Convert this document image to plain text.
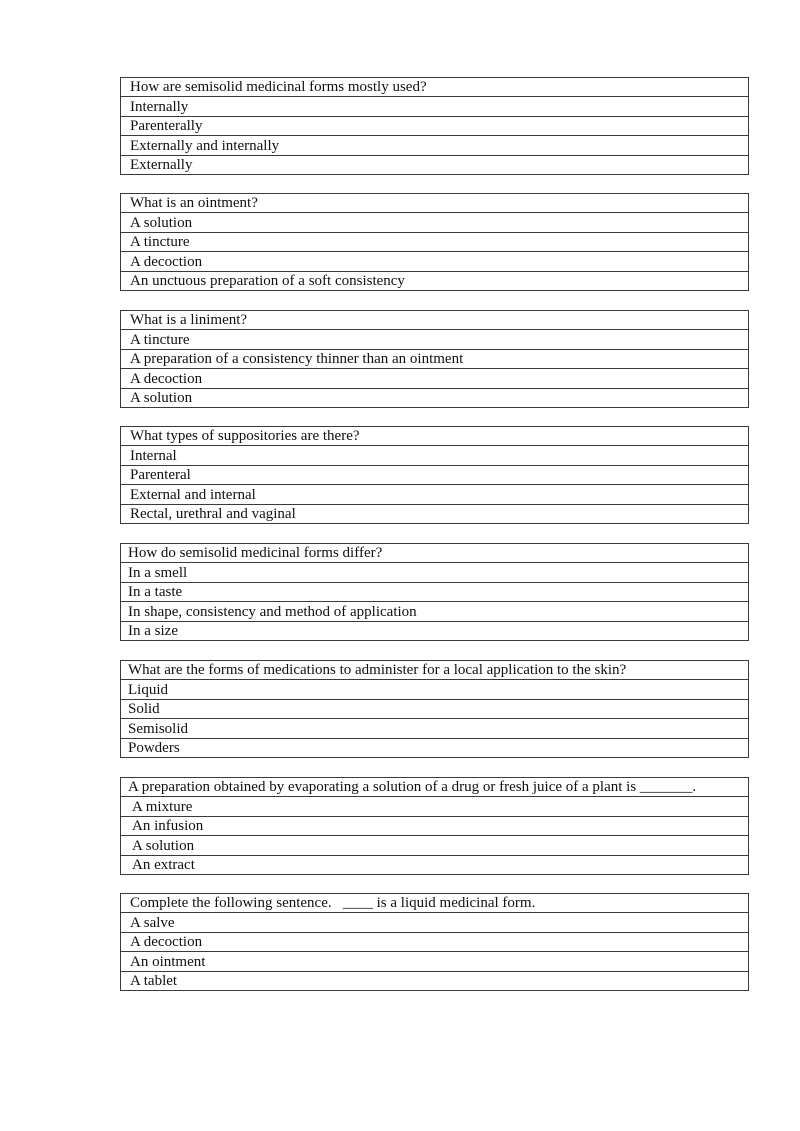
How are semisolid medicinal forms mostly used?
Internally
Parenterally
Externally and internally
Externally
What is an ointment?
A solution
A tincture
A decoction
An unctuous preparation of a soft consistency
What is a liniment?
A tincture
A preparation of a consistency thinner than an ointment
A decoction
A solution
What types of suppositories are there?
Internal
Parenteral
External and internal
Rectal, urethral and vaginal
How do semisolid medicinal forms differ?
In a smell
In a taste
In shape, consistency and method of application
In a size
What are the forms of medications to administer for a local application to the skin?
Liquid
Solid
Semisolid
Powders
A preparation obtained by evaporating a solution of a drug or fresh juice of a plant is _______.
A mixture
An infusion
A solution
An extract
Complete the following sentence.   ____ is a liquid medicinal form.
A salve
A decoction
An ointment
A tablet
